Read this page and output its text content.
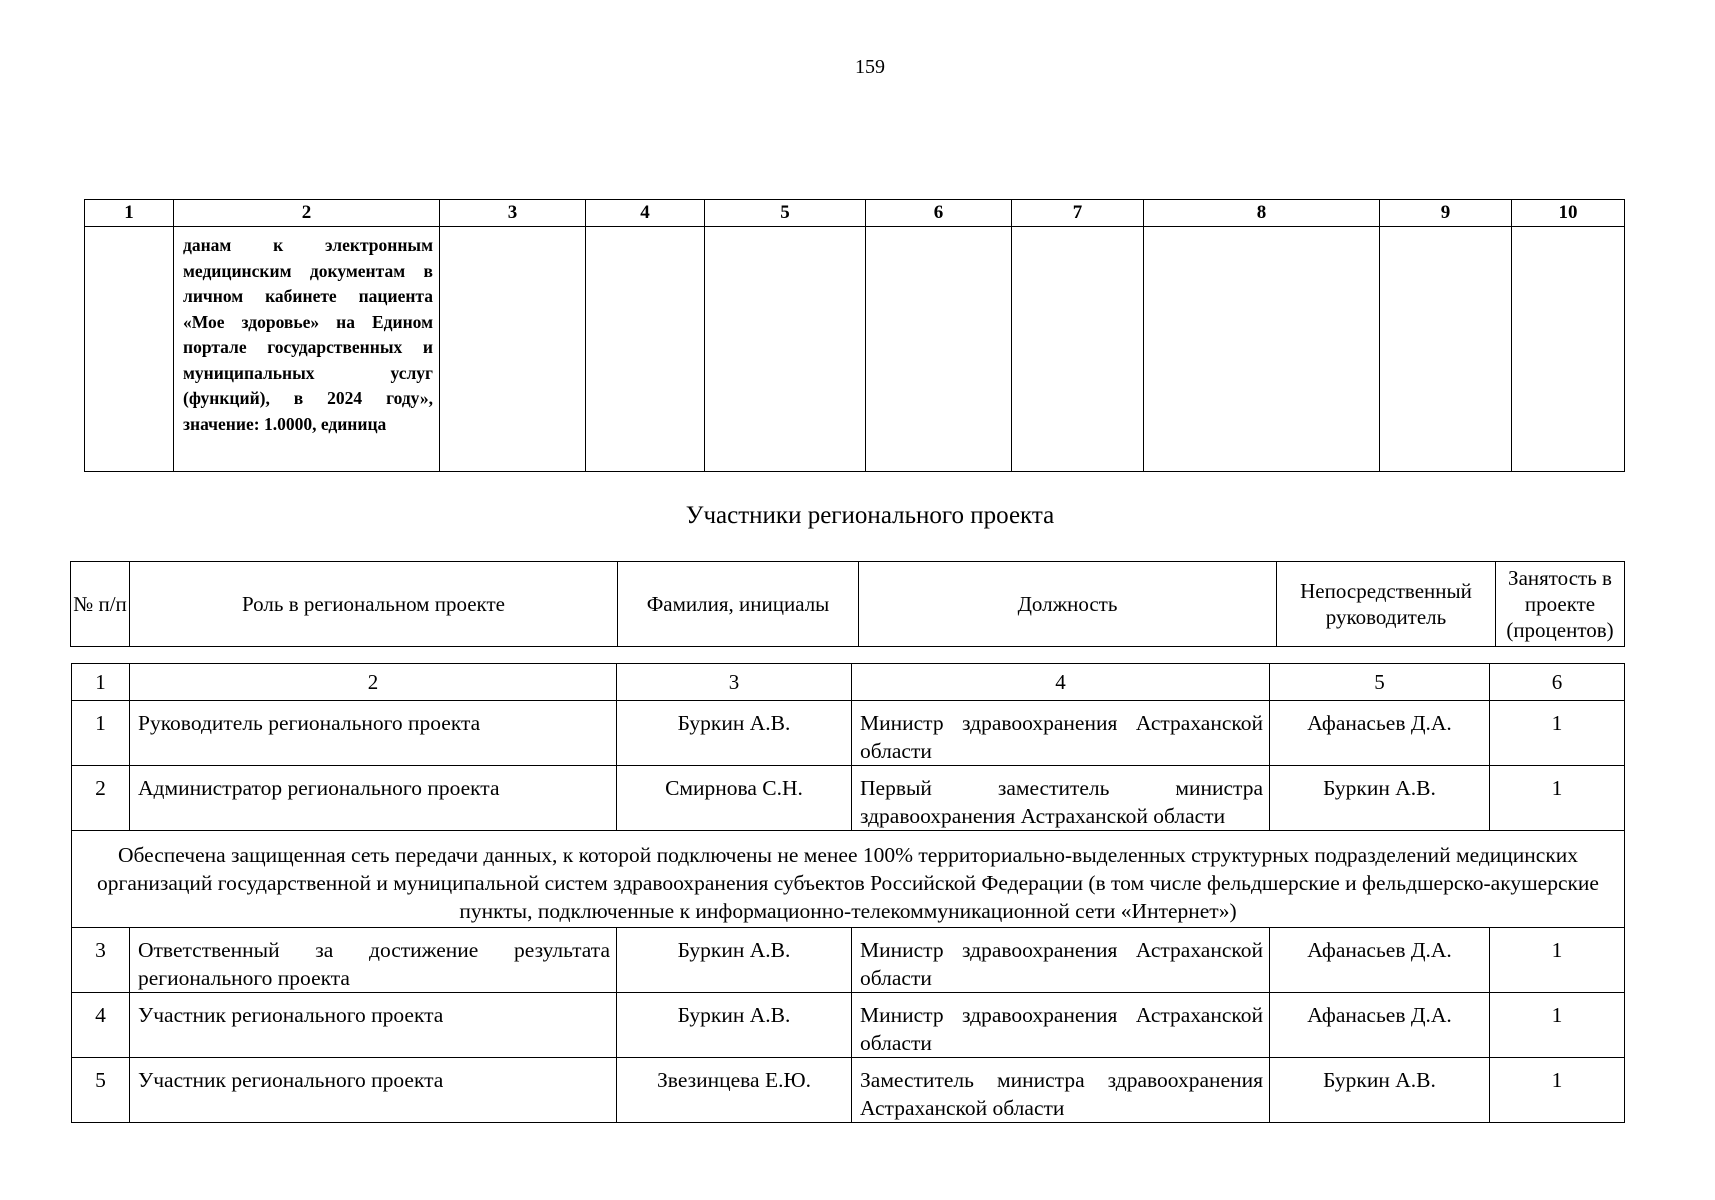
159
1	2	3	4	5	6	7	8	9	10
	данам к электронным медицинским документам в личном кабинете пациента «Мое здоровье» на Едином портале государственных и муниципальных услуг (функций), в 2024 году», значение: 1.0000, единица								
Участники регионального проекта
№ п/п	Роль в региональном проекте	Фамилия, инициалы	Должность	Непосредственный руководитель	Занятость в проекте (процентов)
1	2	3	4	5	6
1	Руководитель регионального проекта	Буркин А.В.	Министр здравоохранения Астраханской области	Афанасьев Д.А.	1
2	Администратор регионального проекта	Смирнова С.Н.	Первый заместитель министра здравоохранения Астраханской области	Буркин А.В.	1
Обеспечена защищенная сеть передачи данных, к которой подключены не менее 100% территориально-выделенных структурных подразделений медицинских организаций государственной и муниципальной систем здравоохранения субъектов Российской Федерации (в том числе фельдшерские и фельдшерско-акушерские пункты, подключенные к информационно-телекоммуникационной сети «Интернет»)					
3	Ответственный за достижение результата регионального проекта	Буркин А.В.	Министр здравоохранения Астраханской области	Афанасьев Д.А.	1
4	Участник регионального проекта	Буркин А.В.	Министр здравоохранения Астраханской области	Афанасьев Д.А.	1
5	Участник регионального проекта	Звезинцева Е.Ю.	Заместитель министра здравоохранения Астраханской области	Буркин А.В.	1
